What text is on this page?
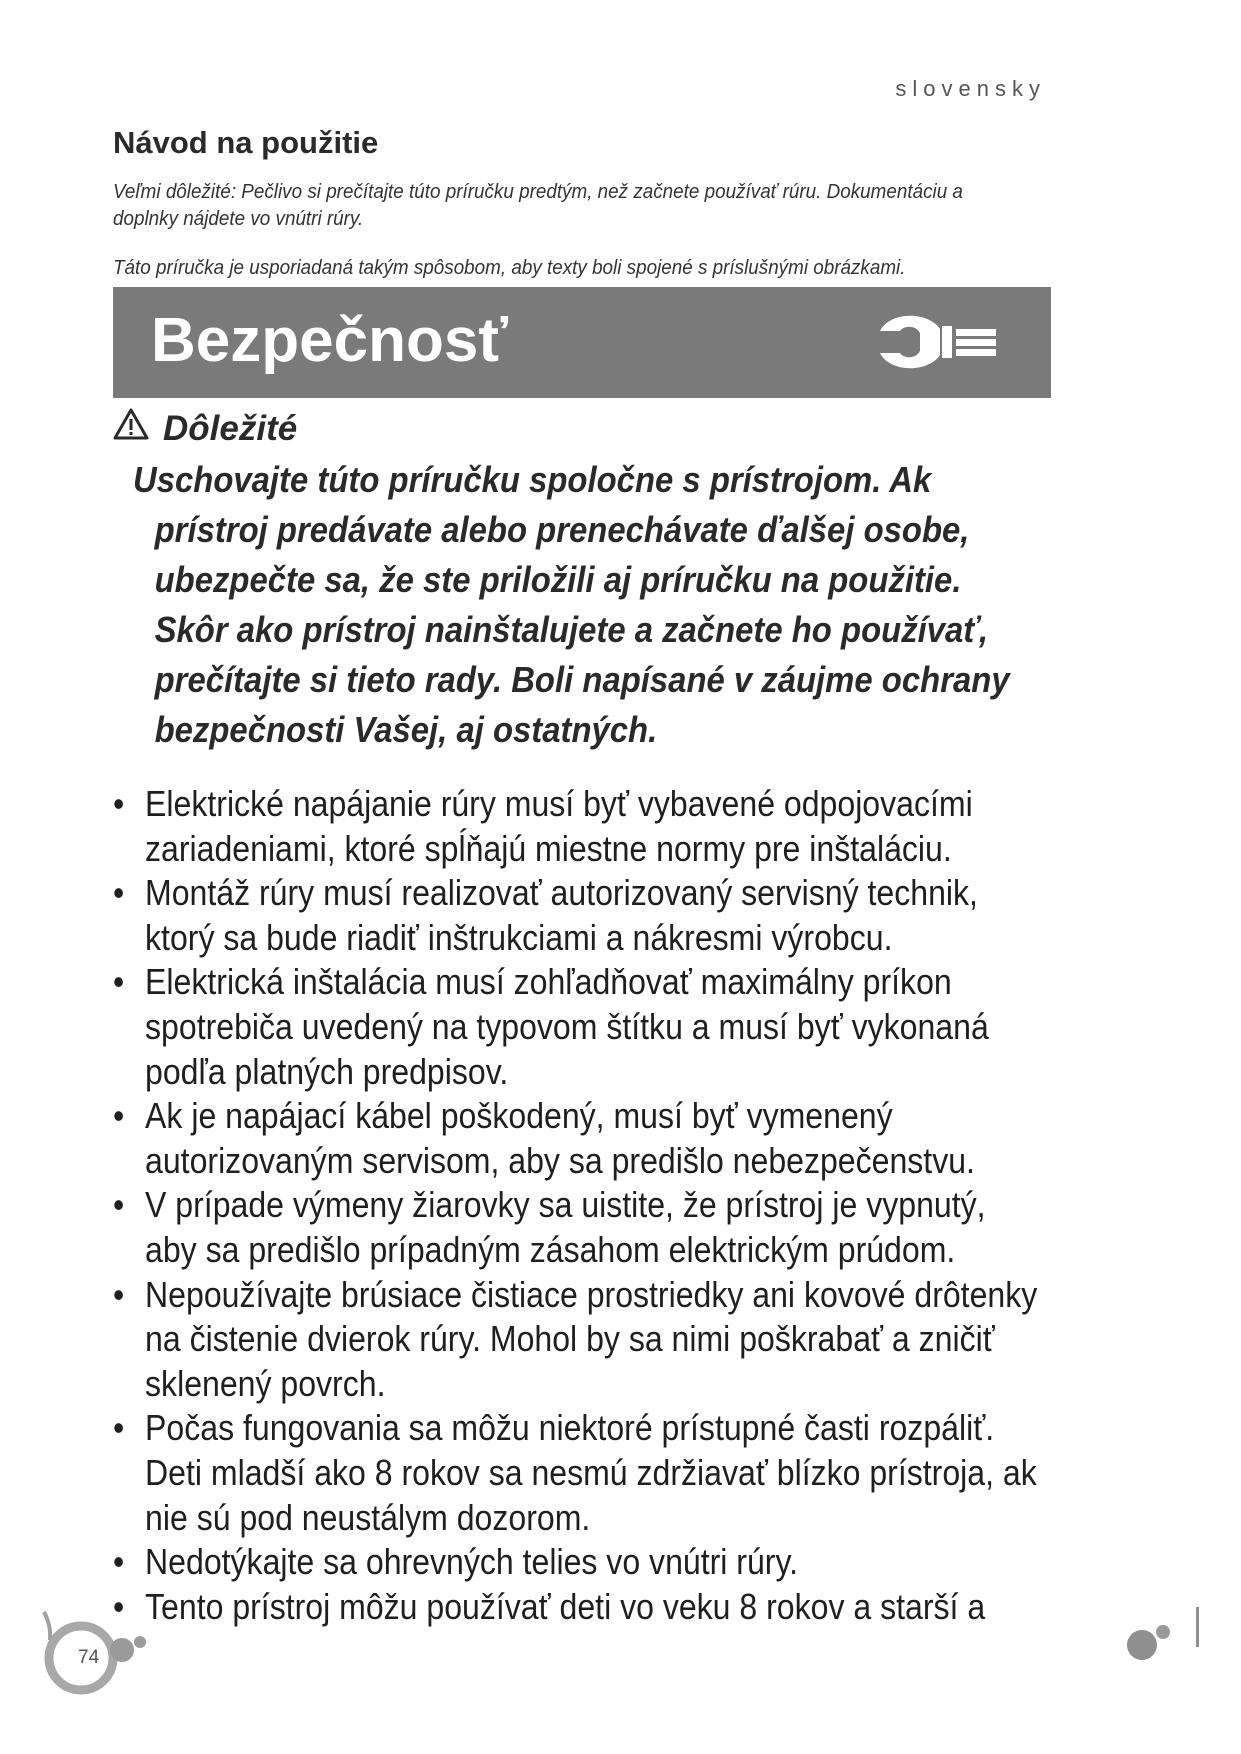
slovensky
Návod na použitie
Veľmi dôležité: Pečlivo si prečítajte túto príručku predtým, než začnete používať rúru. Dokumentáciu a doplnky nájdete vo vnútri rúry.
Táto príručka je usporiadaná takým spôsobom, aby texty boli spojené s príslušnými obrázkami.
Bezpečnosť
Dôležité

Uschovajte túto príručku spoločne s prístrojom. Ak prístroj predávate alebo prenechávate ďalšej osobe, ubezpečte sa, že ste priložili aj príručku na použitie. Skôr ako prístroj nainštalujete a začnete ho používať, prečítajte si tieto rady. Boli napísané v záujme ochrany bezpečnosti Vašej, aj ostatných.

• Elektrické napájanie rúry musí byť vybavené odpojovacími zariadeniami, ktoré spĺňajú miestne normy pre inštaláciu.
• Montáž rúry musí realizovať autorizovaný servisný technik, ktorý sa bude riadiť inštrukciami a nákresmi výrobcu.
• Elektrická inštalácia musí zohľadňovať maximálny príkon spotrebiča uvedený na typovom štítku a musí byť vykonaná podľa platných predpisov.
• Ak je napájací kábel poškodený, musí byť vymenený autorizovaným servisom, aby sa predišlo nebezpečenstvu.
• V prípade výmeny žiarovky sa uistite, že prístroj je vypnutý, aby sa predišlo prípadným zásahom elektrickým prúdom.
• Nepoužívajte brúsiace čistiace prostriedky ani kovové drôtenky na čistenie dvierok rúry. Mohol by sa nimi poškrabať a zničiť sklenený povrch.
• Počas fungovania sa môžu niektoré prístupné časti rozpáliť. Deti mladší ako 8 rokov sa nesmú zdržiavať blízko prístroja, ak nie sú pod neustálym dozorom.
• Nedotýkajte sa ohrevných telies vo vnútri rúry.
• Tento prístroj môžu používať deti vo veku 8 rokov a starší a
74
